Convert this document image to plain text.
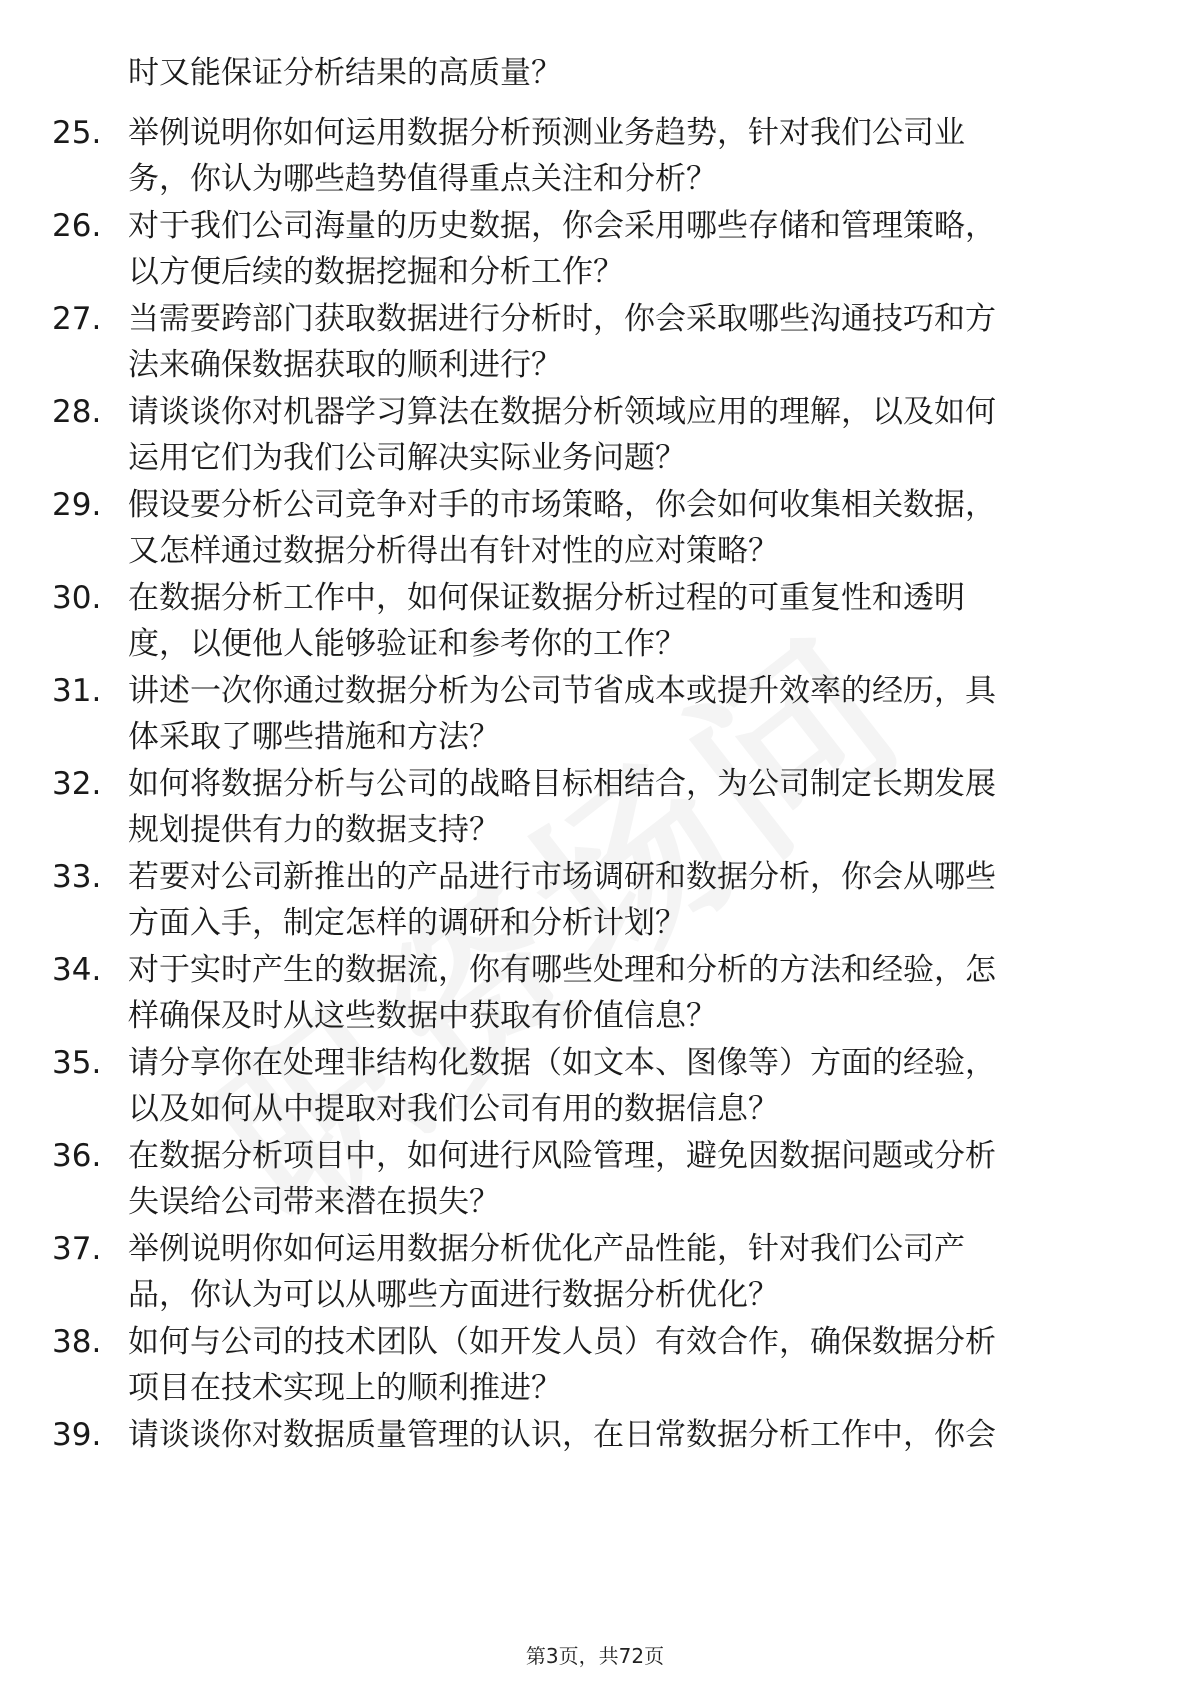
时又能保证分析结果的高质量？
25. 举例说明你如何运用数据分析预测业务趋势，针对我们公司业
务，你认为哪些趋势值得重点关注和分析？
26. 对于我们公司海量的历史数据，你会采用哪些存储和管理策略，
以方便后续的数据挖掘和分析工作？
27. 当需要跨部门获取数据进行分析时，你会采取哪些沟通技巧和方
法来确保数据获取的顺利进行？
28. 请谈谈你对机器学习算法在数据分析领域应用的理解，以及如何
运用它们为我们公司解决实际业务问题？
29. 假设要分析公司竞争对手的市场策略，你会如何收集相关数据，
又怎样通过数据分析得出有针对性的应对策略？
30. 在数据分析工作中，如何保证数据分析过程的可重复性和透明
度，以便他人能够验证和参考你的工作？
31. 讲述一次你通过数据分析为公司节省成本或提升效率的经历，具
体采取了哪些措施和方法？
32. 如何将数据分析与公司的战略目标相结合，为公司制定长期发展
规划提供有力的数据支持？
33. 若要对公司新推出的产品进行市场调研和数据分析，你会从哪些
方面入手，制定怎样的调研和分析计划？
34. 对于实时产生的数据流，你有哪些处理和分析的方法和经验，怎
样确保及时从这些数据中获取有价值信息？
35. 请分享你在处理非结构化数据（如文本、图像等）方面的经验，
以及如何从中提取对我们公司有用的数据信息？
36. 在数据分析项目中，如何进行风险管理，避免因数据问题或分析
失误给公司带来潜在损失？
37. 举例说明你如何运用数据分析优化产品性能，针对我们公司产
品，你认为可以从哪些方面进行数据分析优化？
38. 如何与公司的技术团队（如开发人员）有效合作，确保数据分析
项目在技术实现上的顺利推进？
39. 请谈谈你对数据质量管理的认识，在日常数据分析工作中，你会
第3页，共72页
